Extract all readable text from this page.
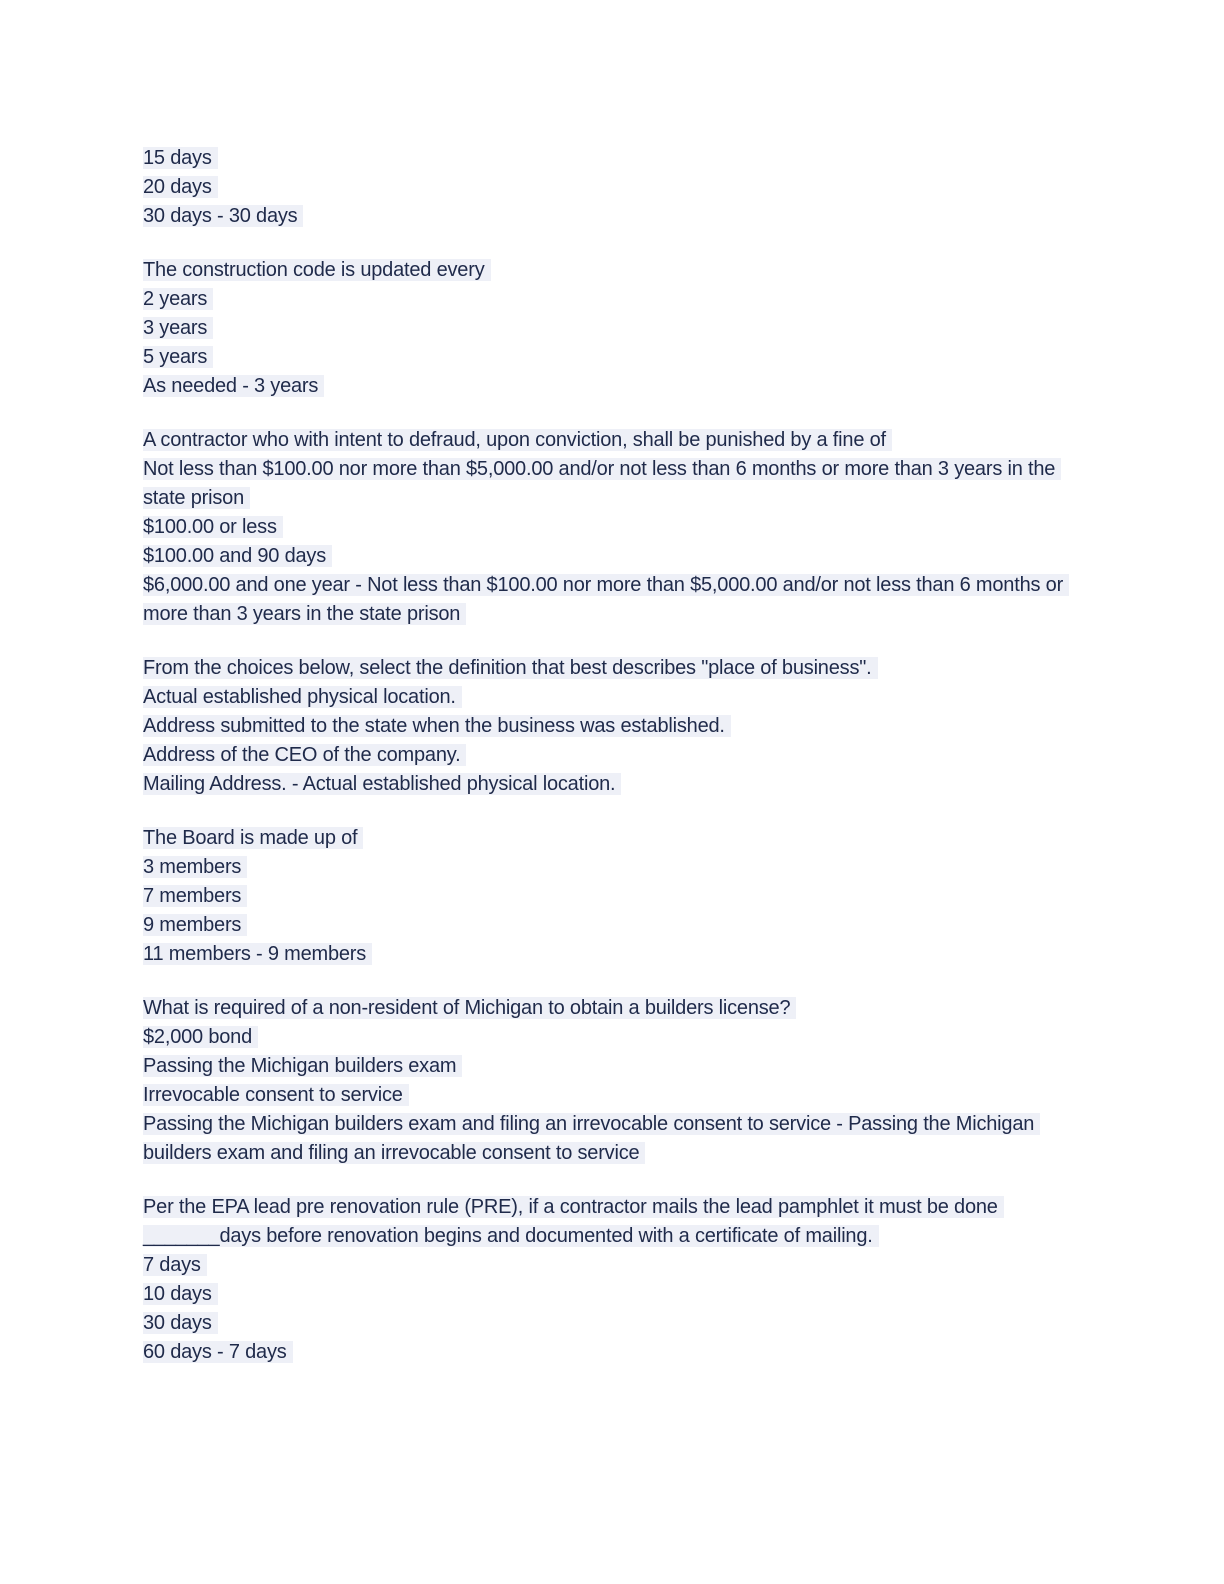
15 days
20 days
30 days - 30 days
The construction code is updated every
2 years
3 years
5 years
As needed - 3 years
A contractor who with intent to defraud, upon conviction, shall be punished by a fine of
Not less than $100.00 nor more than $5,000.00 and/or not less than 6 months or more than 3 years in the state prison
$100.00 or less
$100.00 and 90 days
$6,000.00 and one year - Not less than $100.00 nor more than $5,000.00 and/or not less than 6 months or more than 3 years in the state prison
From the choices below, select the definition that best describes "place of business".
Actual established physical location.
Address submitted to the state when the business was established.
Address of the CEO of the company.
Mailing Address. - Actual established physical location.
The Board is made up of
3 members
7 members
9 members
11 members - 9 members
What is required of a non-resident of Michigan to obtain a builders license?
$2,000 bond
Passing the Michigan builders exam
Irrevocable consent to service
Passing the Michigan builders exam and filing an irrevocable consent to service - Passing the Michigan builders exam and filing an irrevocable consent to service
Per the EPA lead pre renovation rule (PRE), if a contractor mails the lead pamphlet it must be done _______days before renovation begins and documented with a certificate of mailing.
7 days
10 days
30 days
60 days - 7 days
